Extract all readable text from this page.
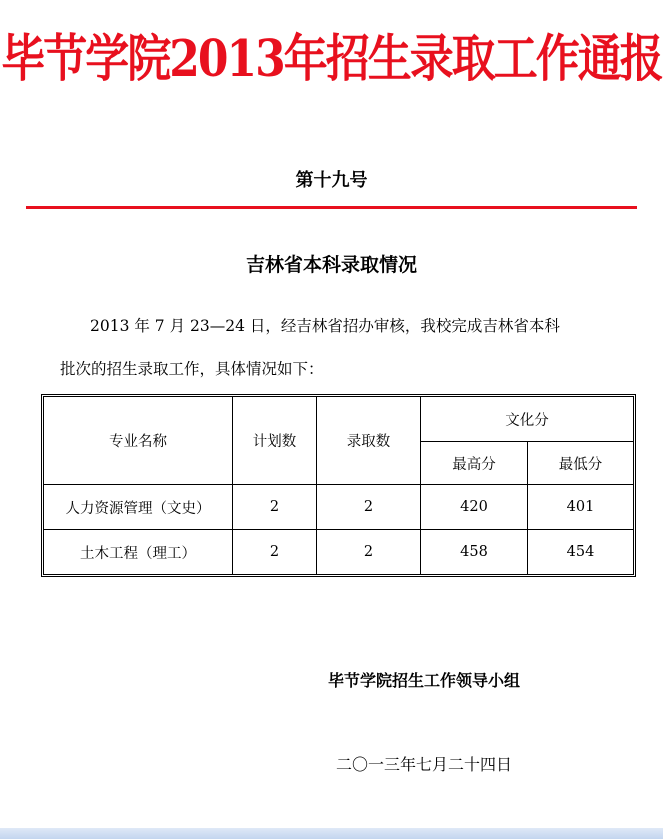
毕节学院2013年招生录取工作通报
第十九号
吉林省本科录取情况
2013 年 7 月 23—24 日，经吉林省招办审核，我校完成吉林省本科
批次的招生录取工作，具体情况如下：
专业名称	计划数	录取数	文化分	
			最高分	最低分
人力资源管理（文史）	2	2	420	401
土木工程（理工）	2	2	458	454
毕节学院招生工作领导小组
二〇一三年七月二十四日
